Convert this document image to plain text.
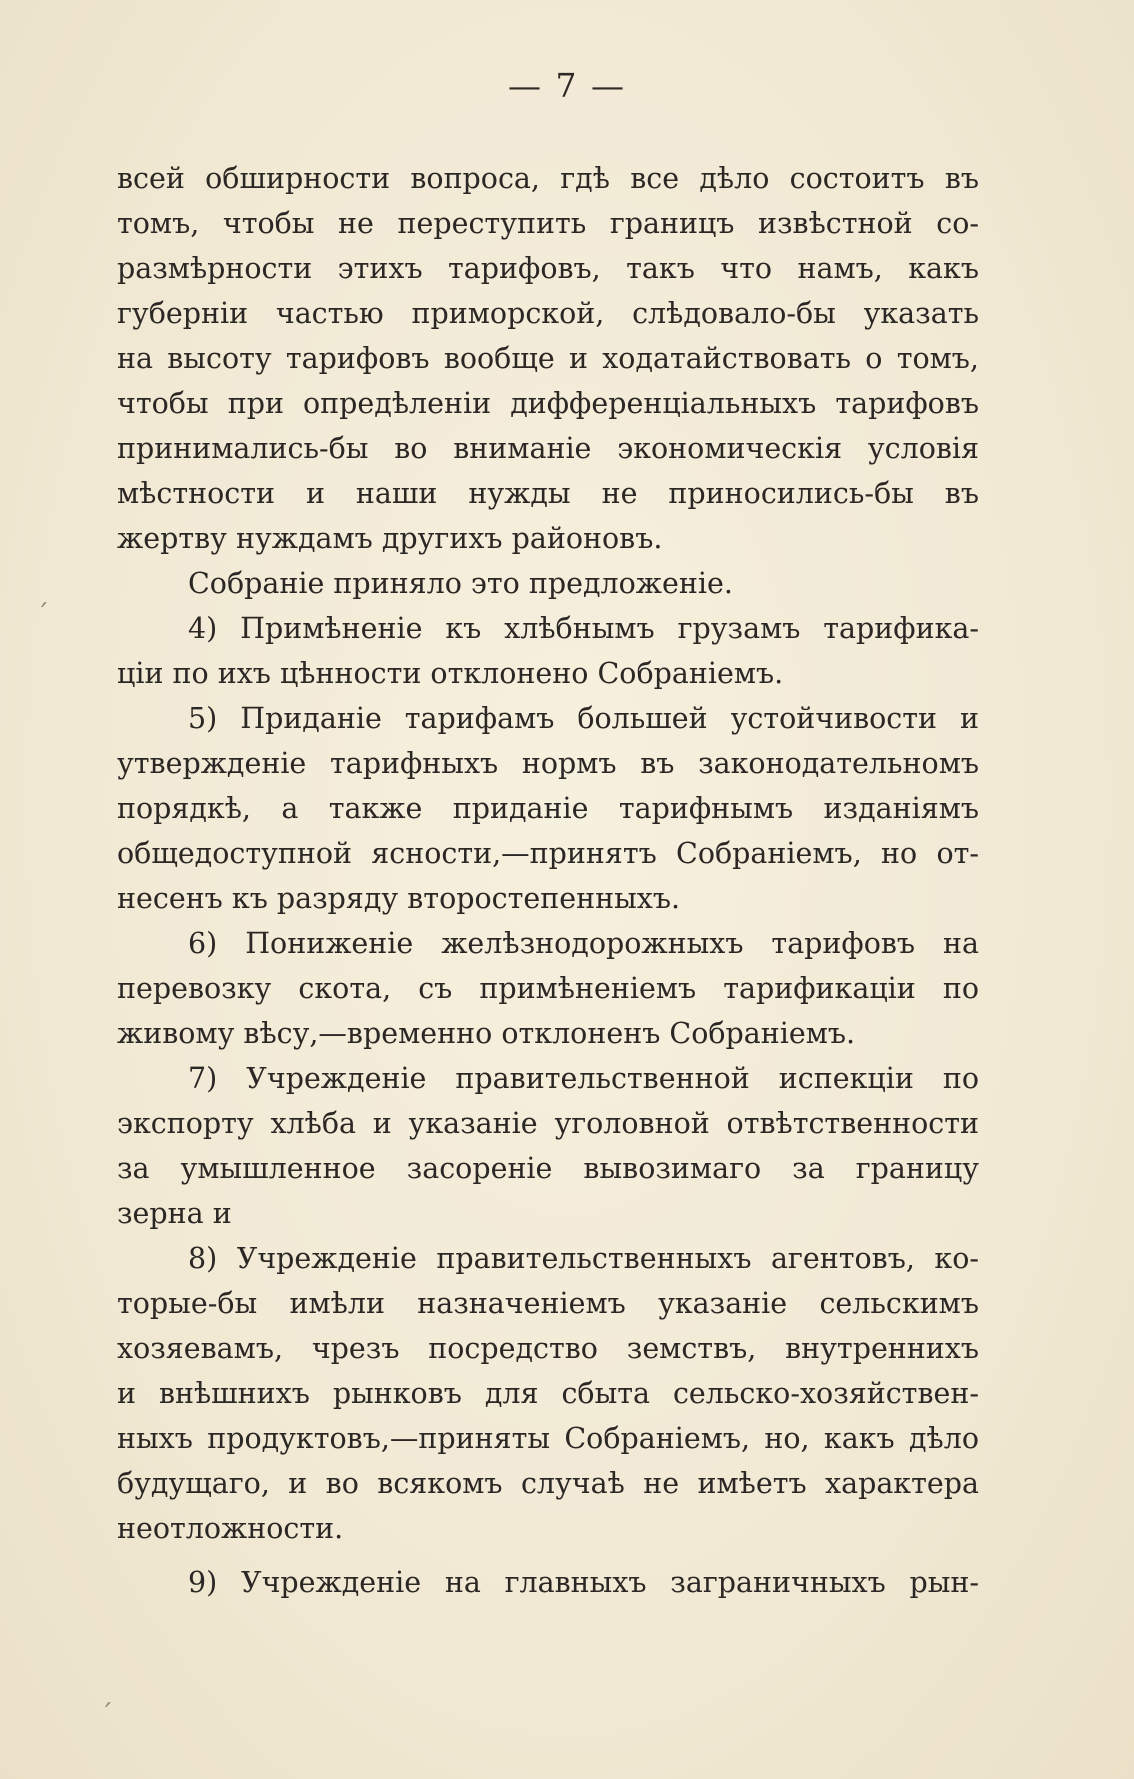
— 7 —
всей обширности вопроса, гдѣ все дѣло состоитъ въ
томъ, чтобы не переступить границъ извѣстной со-
размѣрности этихъ тарифовъ, такъ что намъ, какъ
губерніи частью приморской, слѣдовало-бы указать
на высоту тарифовъ вообще и ходатайствовать о томъ,
чтобы при опредѣленіи дифференціальныхъ тарифовъ
принимались-бы во вниманіе экономическія условія
мѣстности и наши нужды не приносились-бы въ
жертву нуждамъ другихъ районовъ.
Собраніе приняло это предложеніе.
4) Примѣненіе къ хлѣбнымъ грузамъ тарифика-
ціи по ихъ цѣнности отклонено Собраніемъ.
5) Приданіе тарифамъ большей устойчивости и
утвержденіе тарифныхъ нормъ въ законодательномъ
порядкѣ, а также приданіе тарифнымъ изданіямъ
общедоступной ясности,—принятъ Собраніемъ, но от-
несенъ къ разряду второстепенныхъ.
6) Пониженіе желѣзнодорожныхъ тарифовъ на
перевозку скота, съ примѣненіемъ тарификаціи по
живому вѣсу,—временно отклоненъ Собраніемъ.
7) Учрежденіе правительственной испекціи по
экспорту хлѣба и указаніе уголовной отвѣтственности
за умышленное засореніе вывозимаго за границу
зерна и
8) Учрежденіе правительственныхъ агентовъ, ко-
торые-бы имѣли назначеніемъ указаніе сельскимъ
хозяевамъ, чрезъ посредство земствъ, внутреннихъ
и внѣшнихъ рынковъ для сбыта сельско-хозяйствен-
ныхъ продуктовъ,—приняты Собраніемъ, но, какъ дѣло
будущаго, и во всякомъ случаѣ не имѣетъ характера
неотложности.
9) Учрежденіе на главныхъ заграничныхъ рын-
ˊ
ˊ
